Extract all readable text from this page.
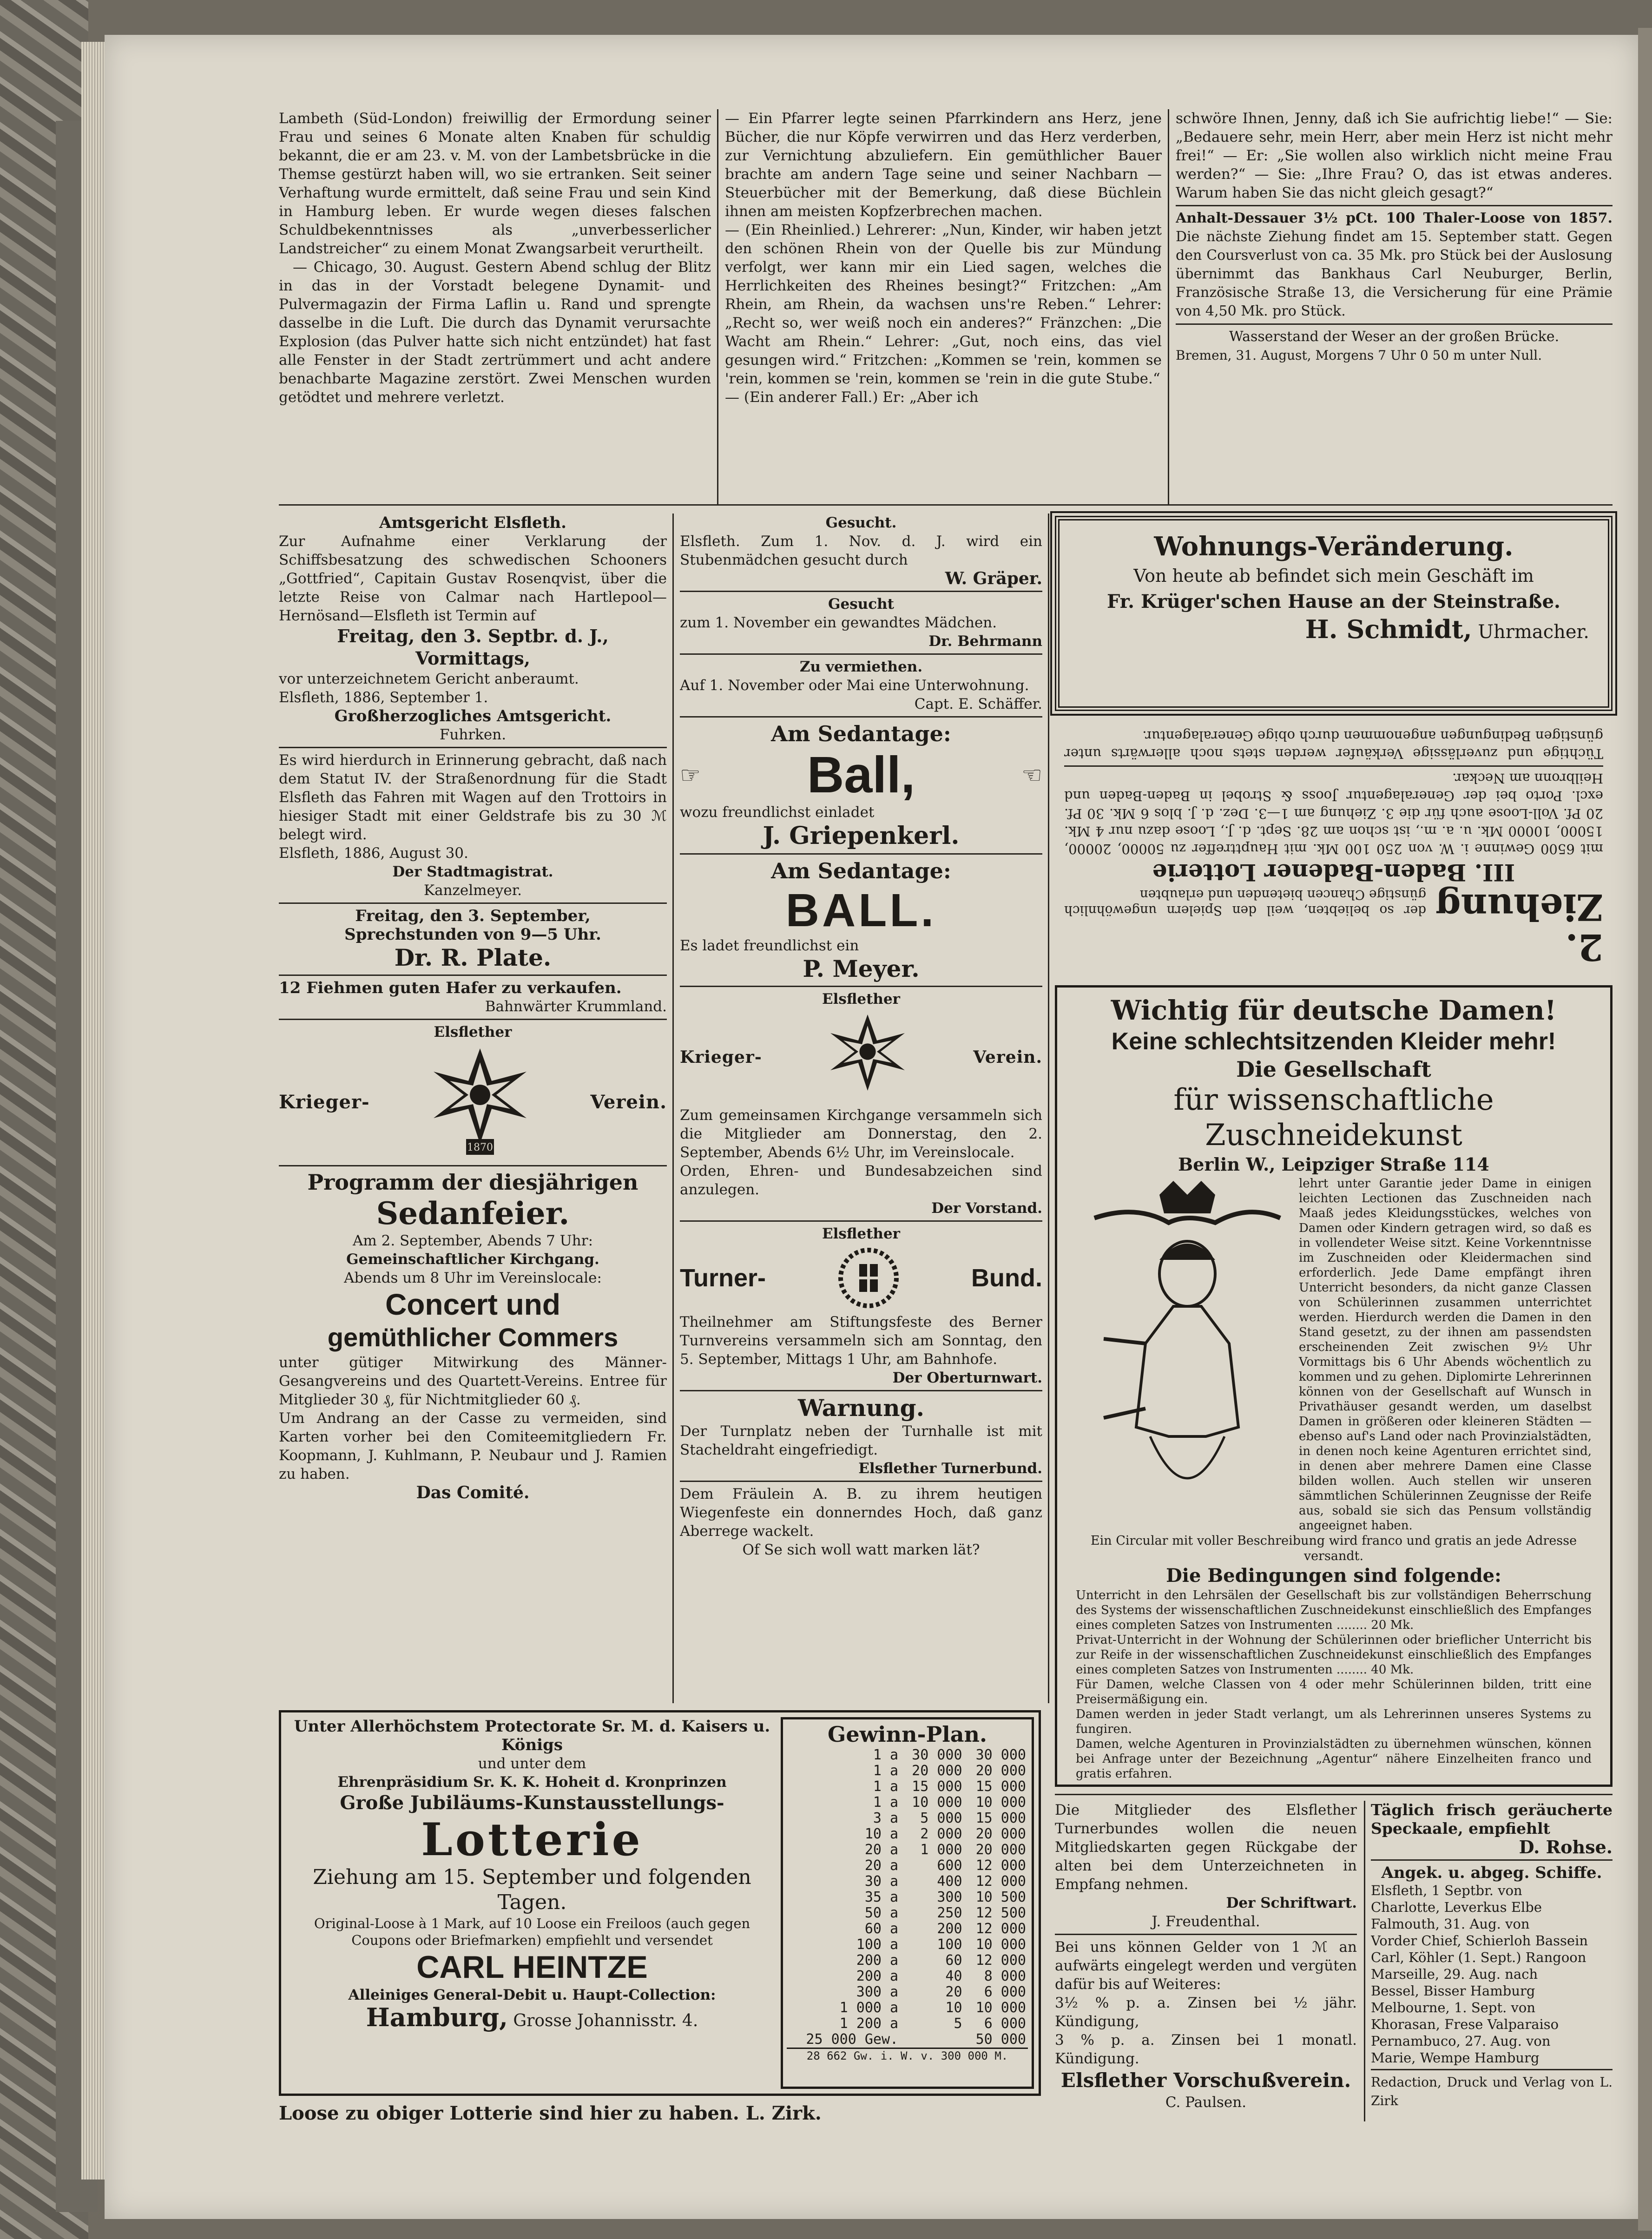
Lambeth (Süd-London) freiwillig der Ermordung seiner Frau und seines 6 Monate alten Knaben für schuldig bekannt, die er am 23. v. M. von der Lambetsbrücke in die Themse gestürzt haben will, wo sie ertranken. Seit seiner Verhaftung wurde ermittelt, daß seine Frau und sein Kind in Hamburg leben. Er wurde wegen dieses falschen Schuldbekenntnisses als „unverbesserlicher Landstreicher“ zu einem Monat Zwangsarbeit verurtheilt.

— Chicago, 30. August. Gestern Abend schlug der Blitz in das in der Vorstadt belegene Dynamit- und Pulvermagazin der Firma Laflin u. Rand und sprengte dasselbe in die Luft. Die durch das Dynamit verursachte Explosion (das Pulver hatte sich nicht entzündet) hat fast alle Fenster in der Stadt zertrümmert und acht andere benachbarte Magazine zerstört. Zwei Menschen wurden getödtet und mehrere verletzt.

— Ein Pfarrer legte seinen Pfarrkindern ans Herz, jene Bücher, die nur Köpfe verwirren und das Herz verderben, zur Vernichtung abzuliefern. Ein gemüthlicher Bauer brachte am andern Tage seine und seiner Nachbarn — Steuerbücher mit der Bemerkung, daß diese Büchlein ihnen am meisten Kopfzerbrechen machen.

— (Ein Rheinlied.) Lehrerer: „Nun, Kinder, wir haben jetzt den schönen Rhein von der Quelle bis zur Mündung verfolgt, wer kann mir ein Lied sagen, welches die Herrlichkeiten des Rheines besingt?“ Fritzchen: „Am Rhein, am Rhein, da wachsen uns're Reben.“ Lehrer: „Recht so, wer weiß noch ein anderes?“ Fränzchen: „Die Wacht am Rhein.“ Lehrer: „Gut, noch eins, das viel gesungen wird.“ Fritzchen: „Kommen se 'rein, kommen se 'rein, kommen se 'rein, kommen se 'rein in die gute Stube.“

— (Ein anderer Fall.) Er: „Aber ich

schwöre Ihnen, Jenny, daß ich Sie aufrichtig liebe!“ — Sie: „Bedauere sehr, mein Herr, aber mein Herz ist nicht mehr frei!“ — Er: „Sie wollen also wirklich nicht meine Frau werden?“ — Sie: „Ihre Frau? O, das ist etwas anderes. Warum haben Sie das nicht gleich gesagt?“

Anhalt-Dessauer 3½ pCt. 100 Thaler-Loose von 1857. Die nächste Ziehung findet am 15. September statt. Gegen den Coursverlust von ca. 35 Mk. pro Stück bei der Auslosung übernimmt das Bankhaus Carl Neuburger, Berlin, Französische Straße 13, die Versicherung für eine Prämie von 4,50 Mk. pro Stück.

Wasserstand der Weser an der großen Brücke.

Bremen, 31. August, Morgens 7 Uhr 0 50 m unter Null.

Amtsgericht Elsfleth.

Zur Aufnahme einer Verklarung der Schiffsbesatzung des schwedischen Schooners „Gottfried“, Capitain Gustav Rosenqvist, über die letzte Reise von Calmar nach Hartlepool—Hernösand—Elsfleth ist Termin auf

Freitag, den 3. Septbr. d. J., Vormittags,

vor unterzeichnetem Gericht anberaumt.

Elsfleth, 1886, September 1.

Großherzogliches Amtsgericht.

Fuhrken.

Es wird hierdurch in Erinnerung gebracht, daß nach dem Statut IV. der Straßenordnung für die Stadt Elsfleth das Fahren mit Wagen auf den Trottoirs in hiesiger Stadt mit einer Geldstrafe bis zu 30 ℳ belegt wird.

Elsfleth, 1886, August 30.

Der Stadtmagistrat.

Kanzelmeyer.

Freitag, den 3. September,

Sprechstunden von 9—5 Uhr.

Dr. R. Plate.

12 Fiehmen guten Hafer zu verkaufen.

Bahnwärter Krummland.

Elsflether

Krieger-
1870
Verein.

Programm der diesjährigen

Sedanfeier.

Am 2. September, Abends 7 Uhr:

Gemeinschaftlicher Kirchgang.

Abends um 8 Uhr im Vereinslocale:

Concert und

gemüthlicher Commers

unter gütiger Mitwirkung des Männer-Gesangvereins und des Quartett-Vereins. Entree für Mitglieder 30 ₰, für Nichtmitglieder 60 ₰.

Um Andrang an der Casse zu vermeiden, sind Karten vorher bei den Comiteemitgliedern Fr. Koopmann, J. Kuhlmann, P. Neubaur und J. Ramien zu haben.

Das Comité.

Gesucht.

Elsfleth. Zum 1. Nov. d. J. wird ein Stubenmädchen gesucht durch

W. Gräper.

Gesucht

zum 1. November ein gewandtes Mädchen.

Dr. Behrmann

Zu vermiethen.

Auf 1. November oder Mai eine Unterwohnung.

Capt. E. Schäffer.

Am Sedantage:

☞ Ball,	☜

wozu freundlichst einladet

J. Griepenkerl.

Am Sedantage:

BALL.

Es ladet freundlichst ein

P. Meyer.

Elsflether

Krieger-	Verein.

Zum gemeinsamen Kirchgange versammeln sich die Mitglieder am Donnerstag, den 2. September, Abends 6½ Uhr, im Vereinslocale.

Orden, Ehren- und Bundesabzeichen sind anzulegen.

Der Vorstand.

Elsflether

Turner-	Bund.

Theilnehmer am Stiftungsfeste des Berner Turnvereins versammeln sich am Sonntag, den 5. September, Mittags 1 Uhr, am Bahnhofe.

Der Oberturnwart.

Warnung.

Der Turnplatz neben der Turnhalle ist mit Stacheldraht eingefriedigt.

Elsflether Turnerbund.

Dem Fräulein A. B. zu ihrem heutigen Wiegenfeste ein donnerndes Hoch, daß ganz Aberrege wackelt.

Of Se sich woll watt marken lät?

Wohnungs-Veränderung.

Von heute ab befindet sich mein Geschäft im

Fr. Krüger'schen Hause an der Steinstraße.

H. Schmidt, Uhrmacher.

2. Ziehung
der so beliebten, weil den Spielern ungewöhnlich günstige Chancen bietenden und erlaubten

III. Baden-Badener Lotterie

mit 6500 Gewinne i. W. von 250 100 Mk. mit Haupttreffer zu 50000, 20000, 15000, 10000 Mk. u. a. m., ist schon am 28. Sept. d. J., Loose dazu nur 4 Mk. 20 Pf. Voll-Loose auch für die 3. Ziehung am 1—3. Dez. d. J. blos 6 Mk. 30 Pf. excl. Porto bei der Generalagentur Jooss & Strobel in Baden-Baden und Heilbronn am Neckar.

Tüchtige und zuverlässige Verkäufer werden stets noch allerwärts unter günstigen Bedingungen angenommen durch obige Generalagentur.

Wichtig für deutsche Damen!

Keine schlechtsitzenden Kleider mehr!

Die Gesellschaft

für wissenschaftliche Zuschneidekunst

Berlin W., Leipziger Straße 114

lehrt unter Garantie jeder Dame in einigen leichten Lectionen das Zuschneiden nach Maaß jedes Kleidungsstückes, welches von Damen oder Kindern getragen wird, so daß es in vollendeter Weise sitzt. Keine Vorkenntnisse im Zuschneiden oder Kleidermachen sind erforderlich. Jede Dame empfängt ihren Unterricht besonders, da nicht ganze Classen von Schülerinnen zusammen unterrichtet werden. Hierdurch werden die Damen in den Stand gesetzt, zu der ihnen am passendsten erscheinenden Zeit zwischen 9½ Uhr Vormittags bis 6 Uhr Abends wöchentlich zu kommen und zu gehen. Diplomirte Lehrerinnen können von der Gesellschaft auf Wunsch in Privathäuser gesandt werden, um daselbst Damen in größeren oder kleineren Städten — ebenso auf's Land oder nach Provinzialstädten, in denen noch keine Agenturen errichtet sind, in denen aber mehrere Damen eine Classe bilden wollen. Auch stellen wir unseren sämmtlichen Schülerinnen Zeugnisse der Reife aus, sobald sie sich das Pensum vollständig angeeignet haben.

Ein Circular mit voller Beschreibung wird franco und gratis an jede Adresse versandt.

Die Bedingungen sind folgende:

Unterricht in den Lehrsälen der Gesellschaft bis zur vollständigen Beherrschung des Systems der wissenschaftlichen Zuschneidekunst einschließlich des Empfanges eines completen Satzes von Instrumenten ........ 20 Mk.

Privat-Unterricht in der Wohnung der Schülerinnen oder brieflicher Unterricht bis zur Reife in der wissenschaftlichen Zuschneidekunst einschließlich des Empfanges eines completen Satzes von Instrumenten ........ 40 Mk.

Für Damen, welche Classen von 4 oder mehr Schülerinnen bilden, tritt eine Preisermäßigung ein.

Damen werden in jeder Stadt verlangt, um als Lehrerinnen unseres Systems zu fungiren.

Damen, welche Agenturen in Provinzialstädten zu übernehmen wünschen, können bei Anfrage unter der Bezeichnung „Agentur“ nähere Einzelheiten franco und gratis erfahren.

Unter Allerhöchstem Protectorate Sr. M. d. Kaisers u. Königs

und unter dem

Ehrenpräsidium Sr. K. K. Hoheit d. Kronprinzen

Große Jubiläums-Kunstausstellungs-

Lotterie

Ziehung am 15. September und folgenden Tagen.

Original-Loose à 1 Mark, auf 10 Loose ein Freiloos (auch gegen Coupons oder Briefmarken) empfiehlt und versendet

CARL HEINTZE

Alleiniges General-Debit u. Haupt-Collection:

Hamburg, Grosse Johannisstr. 4.

Gewinn-Plan.

1 a	30 000	30 000
1 a	20 000	20 000
1 a	15 000	15 000
1 a	10 000	10 000
3 a	5 000	15 000
10 a	2 000	20 000
20 a	1 000	20 000
20 a	600	12 000
30 a	400	12 000
35 a	300	10 500
50 a	250	12 500
60 a	200	12 000
100 a	100	10 000
200 a	60	12 000
200 a	40	8 000
300 a	20	6 000
1 000 a	10	10 000
1 200 a	5	6 000
25 000 Gew.		50 000

28 662 Gw. i. W. v. 300 000 M.

Loose zu obiger Lotterie sind hier zu haben. L. Zirk.

Die Mitglieder des Elsflether Turnerbundes wollen die neuen Mitgliedskarten gegen Rückgabe der alten bei dem Unterzeichneten in Empfang nehmen.

Der Schriftwart.

J. Freudenthal.

Bei uns können Gelder von 1 ℳ an aufwärts eingelegt werden und vergüten dafür bis auf Weiteres:

3½ % p. a. Zinsen bei ½ jähr. Kündigung,

3 % p. a. Zinsen bei 1 monatl. Kündigung.

Elsflether Vorschußverein.

C. Paulsen.

Täglich frisch geräucherte Speckaale, empfiehlt

D. Rohse.

Angek. u. abgeg. Schiffe.

Elsfleth, 1 Septbr. von

Charlotte, Leverkus Elbe

Falmouth, 31. Aug. von

Vorder Chief, Schierloh Bassein

Carl, Köhler (1. Sept.) Rangoon

Marseille, 29. Aug. nach

Bessel, Bisser Hamburg

Melbourne, 1. Sept. von

Khorasan, Frese Valparaiso

Pernambuco, 27. Aug. von

Marie, Wempe Hamburg

Redaction, Druck und Verlag von L. Zirk
